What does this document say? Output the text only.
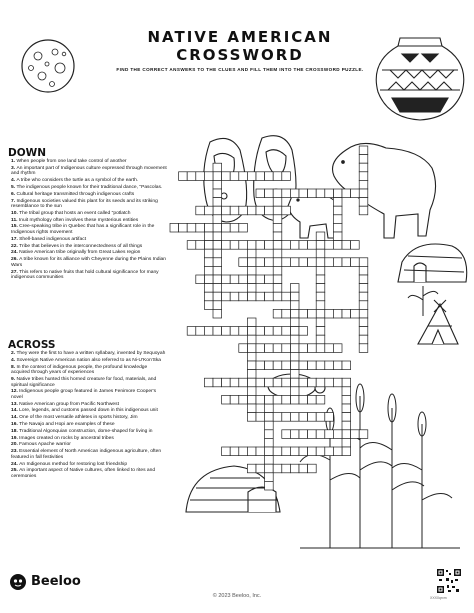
NATIVE AMERICAN CROSSWORD
FIND THE CORRECT ANSWERS TO THE CLUES AND FILL THEM INTO THE CROSSWORD PUZZLE.
DOWN
1. When people from one land take control of another
3. An important part of Indigenous culture expressed through movement and rhythm
4. A tribe who considers the turtle as a symbol of the earth.
5. The indigenous people known for their traditional dance, "Pascolas.
6. Cultural heritage transmitted through indigenous crafts
7. Indigenous societies valued this plant for its seeds and its striking resemblance to the sun
10. The tribal group that hosts an event called "potlatch
11. Inuit mythology often involves these mysterious entities
15. Cree-speaking tribe in Quebec that has a significant role in the Indigenous rights movement
17. Shell-based indigenous artifact
22. Tribe that believes in the interconnectedness of all things
24. Native American tribe originally from Great Lakes region
26. A tribe known for its alliance with Cheyenne during the Plains Indian Wars
27. This refers to native fruits that hold cultural significance for many indigenous communities
ACROSS
2. They were the first to have a written syllabary, invented by Sequoyah
4. Sovereign Native American nation also referred to as Ni-U'Kon'Ska
8. In the context of indigenous people, the profound knowledge acquired through years of experiences
9. Native tribes hunted this horned creature for food, materials, and spiritual significance
12. Indigenous people group featured in James Fenimore Cooper's novel
13. Native American group from Pacific Northwest
14. Lore, legends, and customs passed down in this indigenous unit
14. One of the most versatile athletes in sports history, Jim
16. The Navajo and Hopi are examples of these
18. Traditional Algonquian construction, dome-shaped for living in
19. Images created on rocks by ancestral tribes
20. Famous Apache warrior
23. Essential element of North American indigenous agriculture, often featured in fall festivities
24. An Indigenous method for restoring lost friendship
25. An important aspect of Native cultures, often linked to rites and ceremonies
Beeloo
© 2023 Beeloo, Inc.	XXX0qrxm
